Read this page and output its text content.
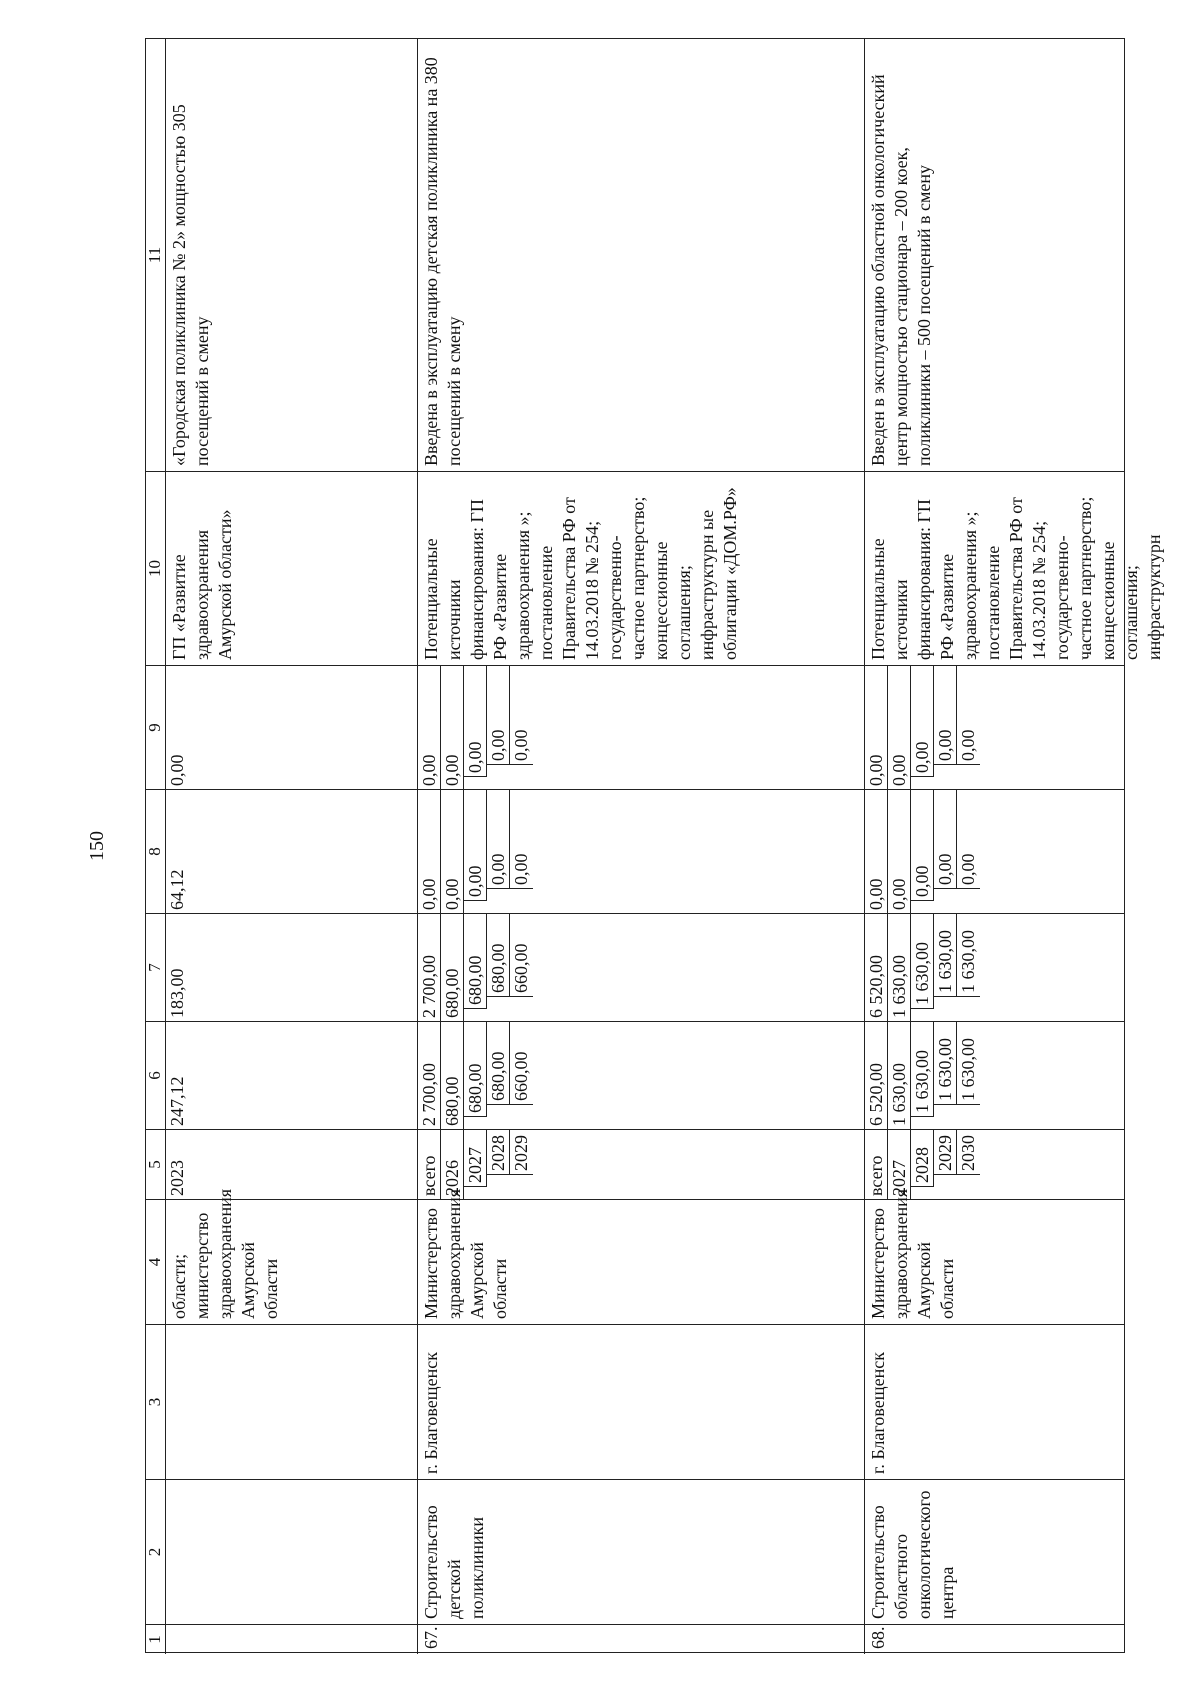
150
1
2
3
4
5
6
7
8
9
10
11
области; министерство здравоохранения Амурской области
2023
247,12
183,00
64,12
0,00
ГП «Развитие здравоохранения Амурской области»
«Городская поликлиника № 2» мощностью 305 посещений в смену
67.
Строительство детской поликлиники
г. Благовещенск
Министерство здравоохранения Амурской области
всего 2026 2027 2028 2029
2 700,00 680,00 680,00 680,00 660,00
2 700,00 680,00 680,00 680,00 660,00
0,00 0,00 0,00 0,00 0,00
0,00 0,00 0,00 0,00 0,00
Потенциальные источники финансирования: ГП РФ «Развитие здравоохранения »; постановление Правительства РФ от 14.03.2018 № 254; государственно-частное партнерство; концессионные соглашения; инфраструктурн ые облигации «ДОМ.РФ»
Введена в эксплуатацию детская поликлиника на 380 посещений в смену
68.
Строительство областного онкологического центра
г. Благовещенск
Министерство здравоохранения Амурской области
всего 2027 2028 2029 2030
6 520,00 1 630,00 1 630,00 1 630,00 1 630,00
6 520,00 1 630,00 1 630,00 1 630,00 1 630,00
0,00 0,00 0,00 0,00 0,00
0,00 0,00 0,00 0,00 0,00
Потенциальные источники финансирования: ГП РФ «Развитие здравоохранения »; постановление Правительства РФ от 14.03.2018 № 254; государственно-частное партнерство; концессионные соглашения; инфраструктурн
Введен в эксплуатацию областной онкологический центр мощностью стационара – 200 коек, поликлиники – 500 посещений в смену
